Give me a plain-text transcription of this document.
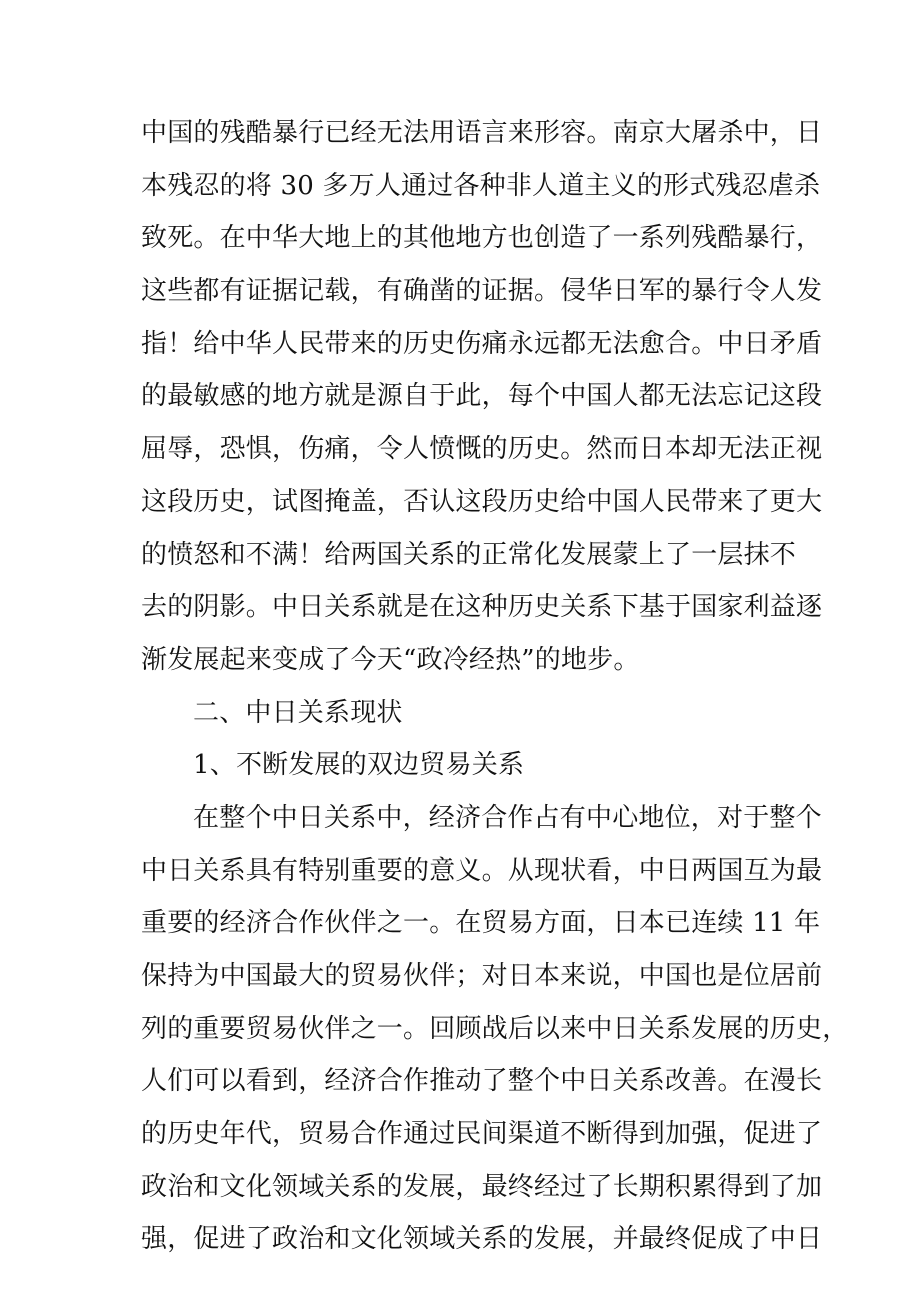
中国的残酷暴行已经无法用语言来形容。南京大屠杀中，日
本残忍的将 30 多万人通过各种非人道主义的形式残忍虐杀
致死。在中华大地上的其他地方也创造了一系列残酷暴行，
这些都有证据记载，有确凿的证据。侵华日军的暴行令人发
指！给中华人民带来的历史伤痛永远都无法愈合。中日矛盾
的最敏感的地方就是源自于此，每个中国人都无法忘记这段
屈辱，恐惧，伤痛，令人愤慨的历史。然而日本却无法正视
这段历史，试图掩盖，否认这段历史给中国人民带来了更大
的愤怒和不满！给两国关系的正常化发展蒙上了一层抹不
去的阴影。中日关系就是在这种历史关系下基于国家利益逐
渐发展起来变成了今天“政冷经热”的地步。
二、中日关系现状
1、不断发展的双边贸易关系
在整个中日关系中，经济合作占有中心地位，对于整个
中日关系具有特别重要的意义。从现状看，中日两国互为最
重要的经济合作伙伴之一。在贸易方面，日本已连续 11 年
保持为中国最大的贸易伙伴；对日本来说，中国也是位居前
列的重要贸易伙伴之一。回顾战后以来中日关系发展的历史，
人们可以看到，经济合作推动了整个中日关系改善。在漫长
的历史年代，贸易合作通过民间渠道不断得到加强，促进了
政治和文化领域关系的发展，最终经过了长期积累得到了加
强，促进了政治和文化领域关系的发展，并最终促成了中日
